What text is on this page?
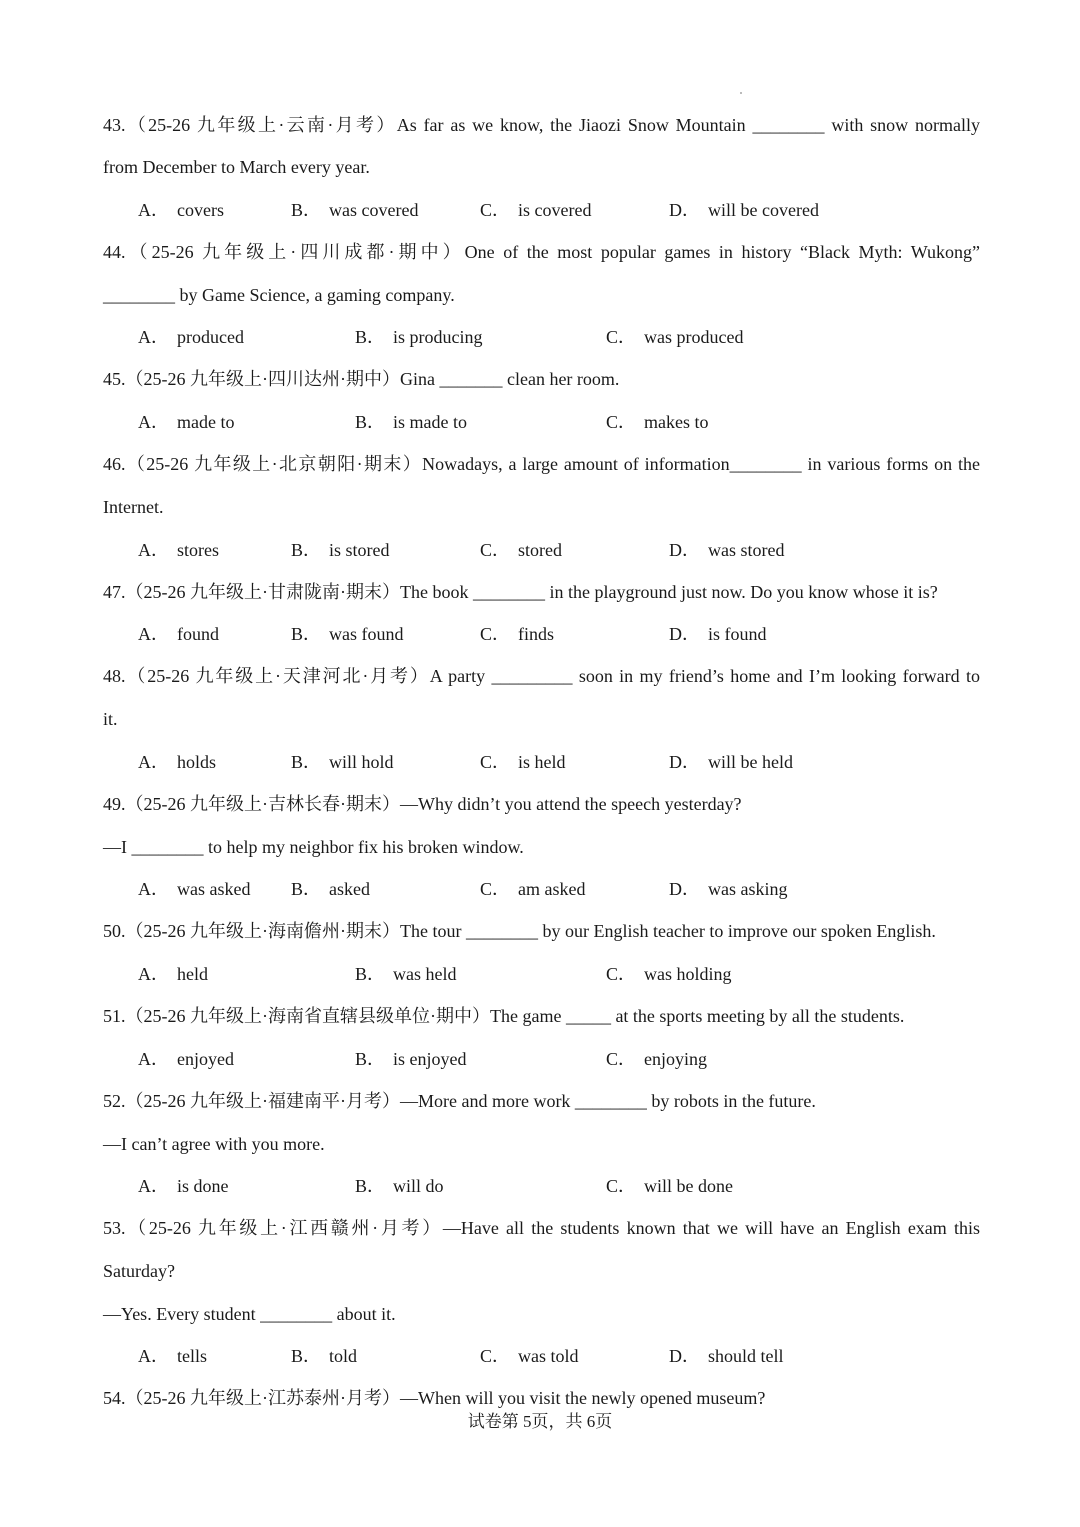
试卷第 5页，共 6页
43.（25-26 九年级上·云南·月考）As far as we know, the Jiaozi Snow Mountain ________ with snow normally
from December to March every year.
A． covers	B． was covered	C． is covered	D． will be covered
44.（25-26 九年级上·四川成都·期中）One of the most popular games in history “Black Myth: Wukong”
________ by Game Science, a gaming company.
A． produced	B． is producing	C． was produced
45.（25-26 九年级上·四川达州·期中）Gina _______ clean her room.
A． made to	B． is made to	C． makes to
46.（25-26 九年级上·北京朝阳·期末）Nowadays, a large amount of information________ in various forms on the
Internet.
A． stores	B． is stored	C． stored	D． was stored
47.（25-26 九年级上·甘肃陇南·期末）The book ________ in the playground just now. Do you know whose it is?
A． found	B． was found	C． finds	D． is found
48.（25-26 九年级上·天津河北·月考）A party _________ soon in my friend’s home and I’m looking forward to
it.
A． holds	B． will hold	C． is held	D． will be held
49.（25-26 九年级上·吉林长春·期末）—Why didn’t you attend the speech yesterday?
—I ________ to help my neighbor fix his broken window.
A． was asked B． asked	C． am asked	D． was asking
50.（25-26 九年级上·海南儋州·期末）The tour ________ by our English teacher to improve our spoken English.
A． held	B． was held	C． was holding
51.（25-26 九年级上·海南省直辖县级单位·期中）The game _____ at the sports meeting by all the students.
A． enjoyed	B． is enjoyed	C． enjoying
52.（25-26 九年级上·福建南平·月考）—More and more work ________ by robots in the future.
—I can’t agree with you more.
A． is done	B． will do	C． will be done
53.（25-26 九年级上·江西赣州·月考）—Have all the students known that we will have an English exam this
Saturday?
—Yes. Every student ________ about it.
A． tells	B． told	C． was told	D． should tell
54.（25-26 九年级上·江苏泰州·月考）—When will you visit the newly opened museum?
